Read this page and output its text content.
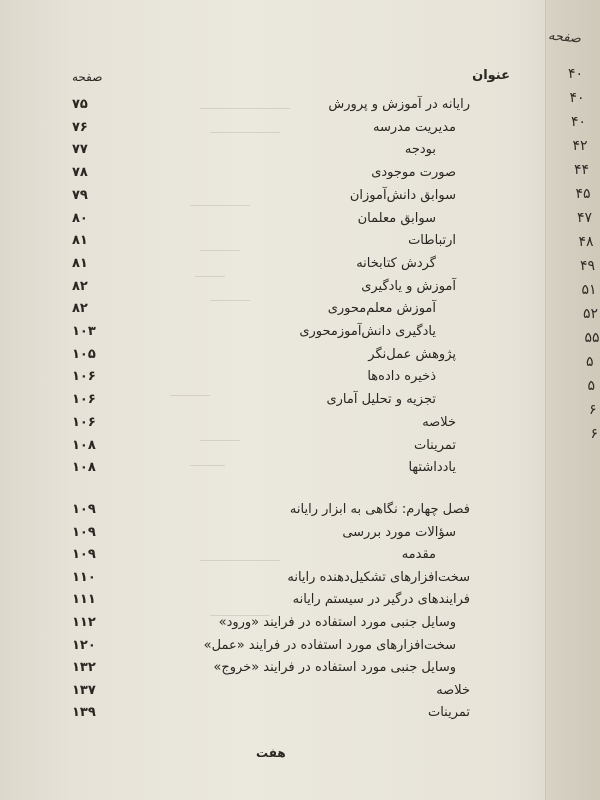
صفحه
۴۰
۴۰
۴۰
۴۲
۴۴
۴۵
۴۷
۴۸
۴۹
۵۱
۵۲
۵۵
۵
۵
۶
۶
عنوان
صفحه
رایانه در آموزش و پرورش
۷۵
مدیریت مدرسه
۷۶
بودجه
۷۷
صورت موجودی
۷۸
سوابق دانش‌آموزان
۷۹
سوابق معلمان
۸۰
ارتباطات
۸۱
گردش کتابخانه
۸۱
آموزش و یادگیری
۸۲
آموزش معلم‌محوری
۸۲
یادگیری دانش‌آموزمحوری
۱۰۳
پژوهش عمل‌نگر
۱۰۵
ذخیره داده‌ها
۱۰۶
تجزیه و تحلیل آماری
۱۰۶
خلاصه
۱۰۶
تمرینات
۱۰۸
یادداشتها
۱۰۸
فصل چهارم: نگاهی به ابزار رایانه
۱۰۹
سؤالات مورد بررسی
۱۰۹
مقدمه
۱۰۹
سخت‌افزارهای تشکیل‌دهنده رایانه
۱۱۰
فرایندهای درگیر در سیستم رایانه
۱۱۱
وسایل جنبی مورد استفاده در فرایند «ورود»
۱۱۲
سخت‌افزارهای مورد استفاده در فرایند «عمل»
۱۲۰
وسایل جنبی مورد استفاده در فرایند «خروج»
۱۳۲
خلاصه
۱۳۷
تمرینات
۱۳۹
هفت
